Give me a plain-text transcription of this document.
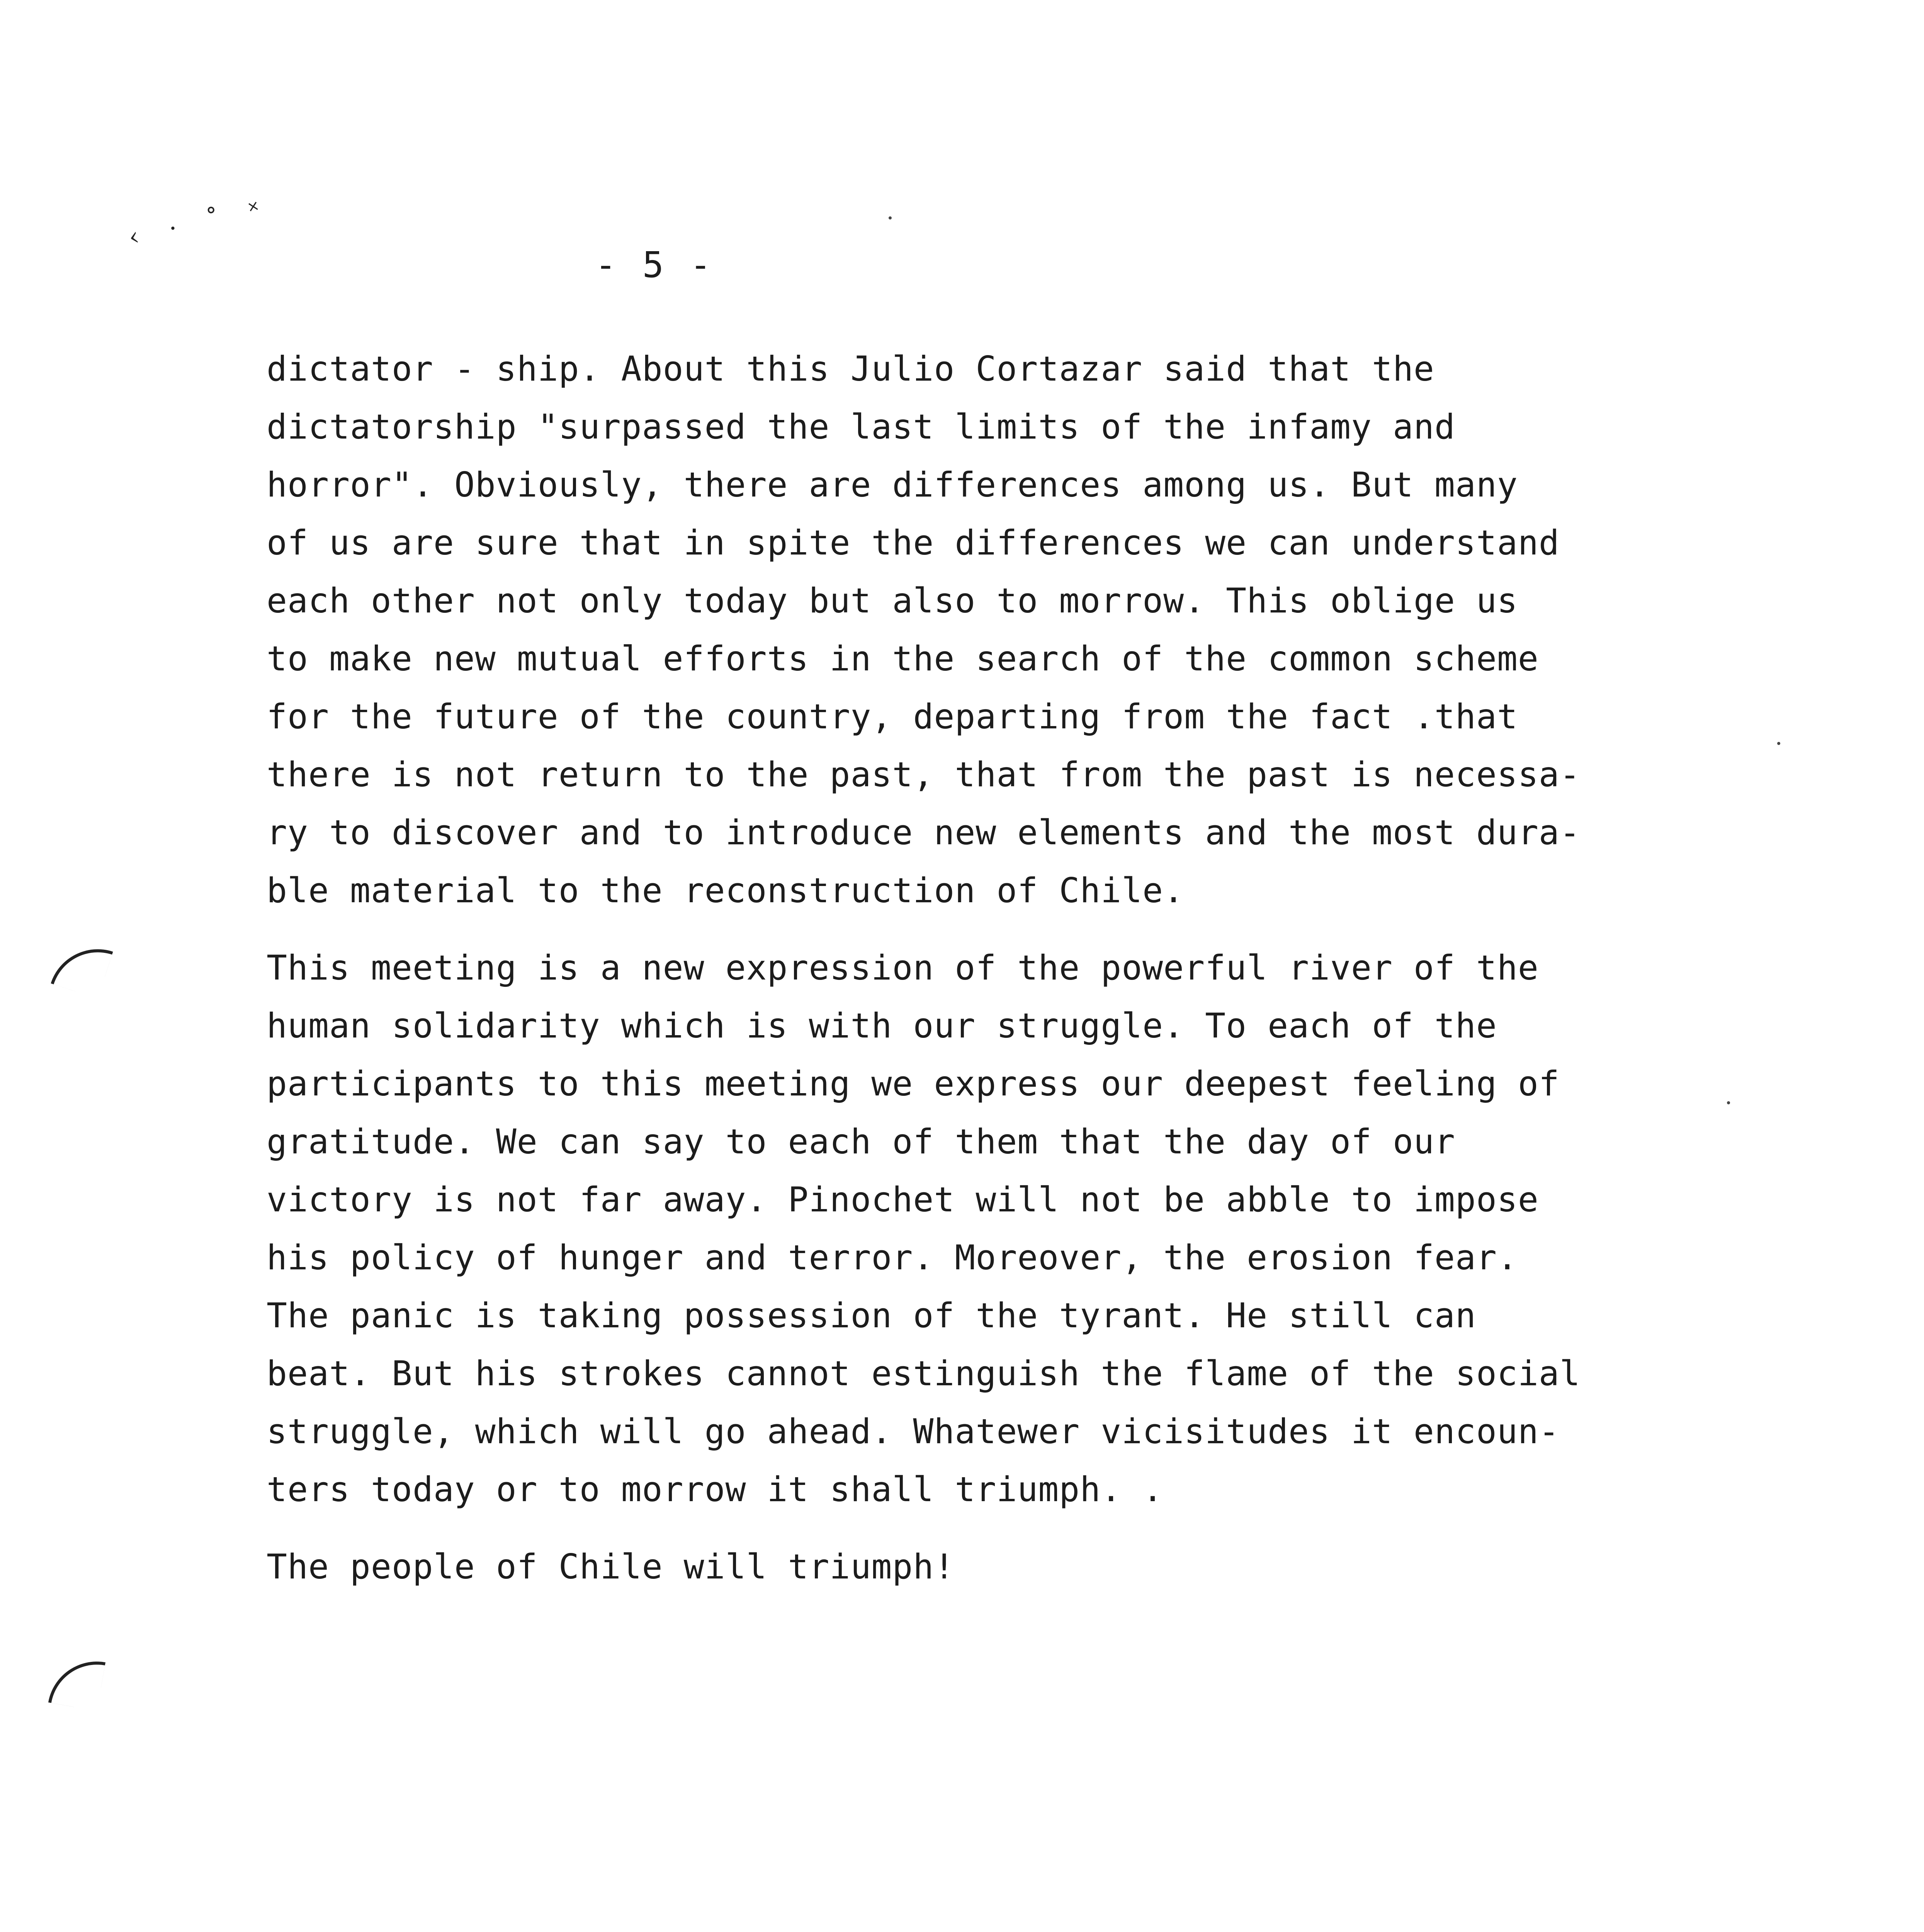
‹ · ˚ ˟
- 5 -
dictator - ship. About this Julio Cortazar said that the
dictatorship "surpassed the last limits of the infamy and
horror". Obviously, there are differences among us. But many
of us are sure that in spite the differences we can understand
each other not only today but also to morrow. This oblige us
to make new mutual efforts in the search of the common scheme
for the future of the country, departing from the fact .that
there is not return to the past, that from the past is necessa-
ry to discover and to introduce new elements and the most dura-
ble material to the reconstruction of Chile.
This meeting is a new expression of the powerful river of the
human solidarity which is with our struggle. To each of the
participants to this meeting we express our deepest feeling of
gratitude. We can say to each of them that the day of our
victory is not far away. Pinochet will not be abble to impose
his policy of hunger and terror. Moreover, the erosion fear.
The panic is taking possession of the tyrant. He still can
beat. But his strokes cannot estinguish the flame of the social
struggle, which will go ahead. Whatewer vicisitudes it encoun-
ters today or to morrow it shall triumph. .
The people of Chile will triumph!
